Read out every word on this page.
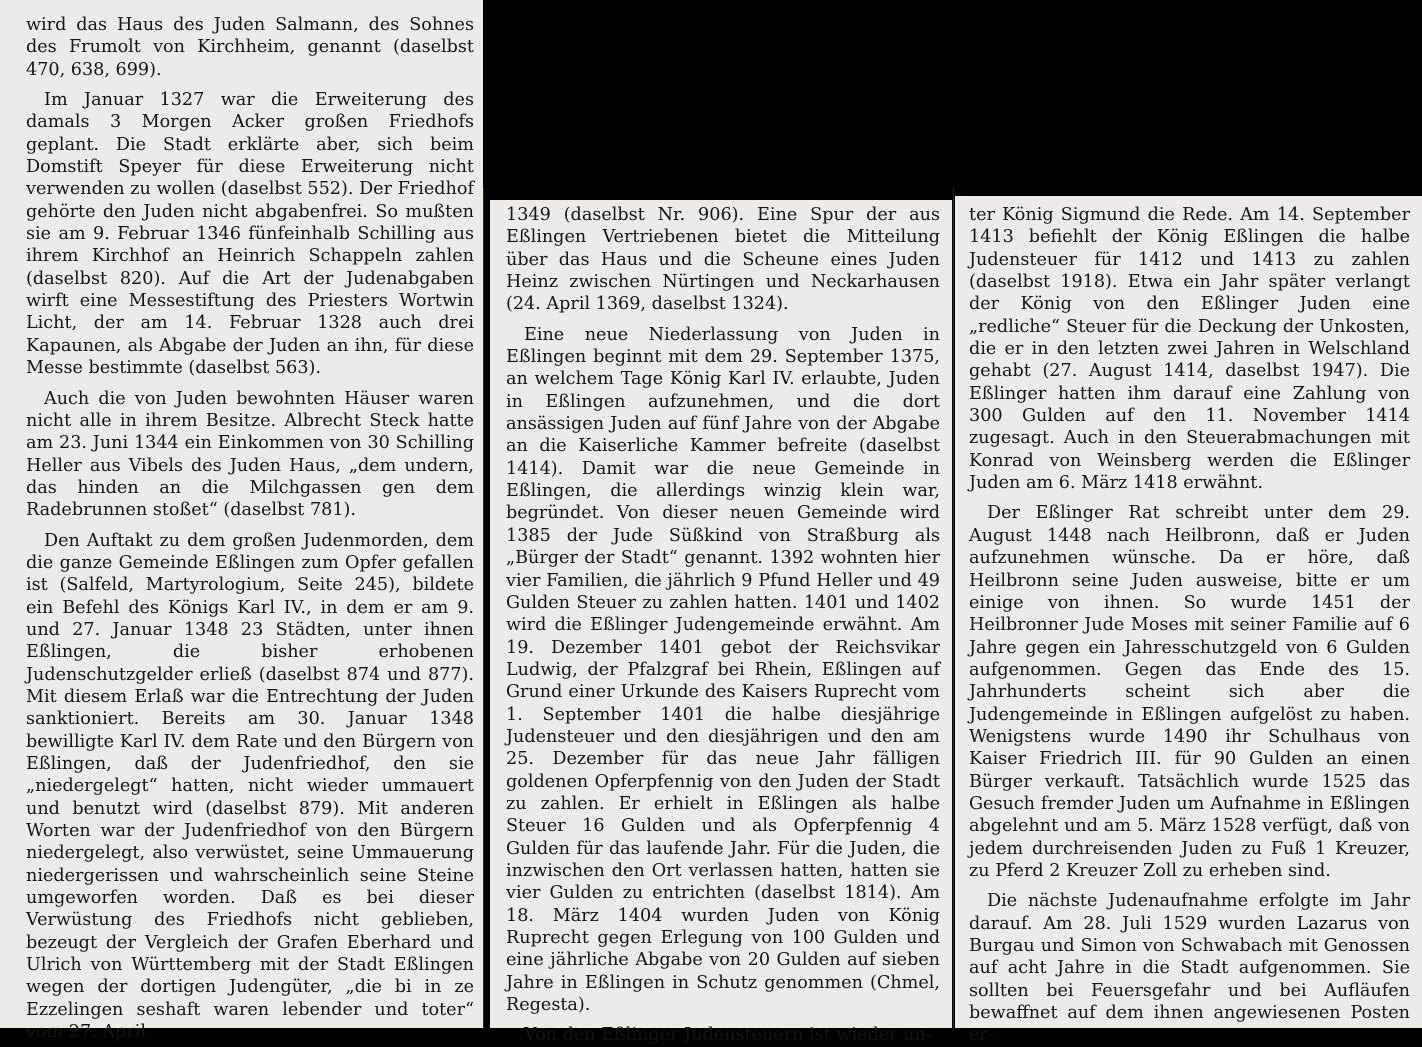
wird das Haus des Juden Salmann, des Sohnes des Frumolt von Kirchheim, genannt (daselbst 470, 638, 699).

Im Januar 1327 war die Erweiterung des damals 3 Morgen Acker großen Friedhofs geplant. Die Stadt erklärte aber, sich beim Domstift Speyer für diese Erweiterung nicht verwenden zu wollen (daselbst 552). Der Friedhof gehörte den Juden nicht abgabenfrei. So mußten sie am 9. Februar 1346 fünfeinhalb Schilling aus ihrem Kirchhof an Heinrich Schappeln zahlen (daselbst 820). Auf die Art der Judenabgaben wirft eine Messestiftung des Priesters Wortwin Licht, der am 14. Februar 1328 auch drei Kapaunen, als Abgabe der Juden an ihn, für diese Messe bestimmte (daselbst 563).

Auch die von Juden bewohnten Häuser waren nicht alle in ihrem Besitze. Albrecht Steck hatte am 23. Juni 1344 ein Einkommen von 30 Schilling Heller aus Vibels des Juden Haus, „dem undern, das hinden an die Milchgassen gen dem Radebrunnen stoßet“ (daselbst 781).

Den Auftakt zu dem großen Judenmorden, dem die ganze Gemeinde Eßlingen zum Opfer gefallen ist (Salfeld, Martyrologium, Seite 245), bildete ein Befehl des Königs Karl IV., in dem er am 9. und 27. Januar 1348 23 Städten, unter ihnen Eßlingen, die bisher erhobenen Judenschutzgelder erließ (daselbst 874 und 877). Mit diesem Erlaß war die Entrechtung der Juden sanktioniert. Bereits am 30. Januar 1348 bewilligte Karl IV. dem Rate und den Bürgern von Eßlingen, daß der Judenfriedhof, den sie „niedergelegt“ hatten, nicht wieder ummauert und benutzt wird (daselbst 879). Mit anderen Worten war der Judenfriedhof von den Bürgern niedergelegt, also verwüstet, seine Ummauerung niedergerissen und wahrscheinlich seine Steine umgeworfen worden. Daß es bei dieser Verwüstung des Friedhofs nicht geblieben, bezeugt der Vergleich der Grafen Eberhard und Ulrich von Württemberg mit der Stadt Eßlingen wegen der dortigen Judengüter, „die bi in ze Ezzelingen seshaft waren lebender und toter“ vom 27. April

1349 (daselbst Nr. 906). Eine Spur der aus Eßlingen Vertriebenen bietet die Mitteilung über das Haus und die Scheune eines Juden Heinz zwischen Nürtingen und Neckarhausen (24. April 1369, daselbst 1324).

Eine neue Niederlassung von Juden in Eßlingen beginnt mit dem 29. September 1375, an welchem Tage König Karl IV. erlaubte, Juden in Eßlingen aufzunehmen, und die dort ansässigen Juden auf fünf Jahre von der Abgabe an die Kaiserliche Kammer befreite (daselbst 1414). Damit war die neue Gemeinde in Eßlingen, die allerdings winzig klein war, begründet. Von dieser neuen Gemeinde wird 1385 der Jude Süßkind von Straßburg als „Bürger der Stadt“ genannt. 1392 wohnten hier vier Familien, die jährlich 9 Pfund Heller und 49 Gulden Steuer zu zahlen hatten. 1401 und 1402 wird die Eßlinger Judengemeinde erwähnt. Am 19. Dezember 1401 gebot der Reichsvikar Ludwig, der Pfalzgraf bei Rhein, Eßlingen auf Grund einer Urkunde des Kaisers Ruprecht vom 1. September 1401 die halbe diesjährige Judensteuer und den diesjährigen und den am 25. Dezember für das neue Jahr fälligen goldenen Opferpfennig von den Juden der Stadt zu zahlen. Er erhielt in Eßlingen als halbe Steuer 16 Gulden und als Opferpfennig 4 Gulden für das laufende Jahr. Für die Juden, die inzwischen den Ort verlassen hatten, hatten sie vier Gulden zu entrichten (daselbst 1814). Am 18. März 1404 wurden Juden von König Ruprecht gegen Erlegung von 100 Gulden und eine jährliche Abgabe von 20 Gulden auf sieben Jahre in Eßlingen in Schutz genommen (Chmel, Regesta).

Von den Eßlinger Judensteuern ist wieder un-

ter König Sigmund die Rede. Am 14. September 1413 befiehlt der König Eßlingen die halbe Judensteuer für 1412 und 1413 zu zahlen (daselbst 1918). Etwa ein Jahr später verlangt der König von den Eßlinger Juden eine „redliche“ Steuer für die Deckung der Unkosten, die er in den letzten zwei Jahren in Welschland gehabt (27. August 1414, daselbst 1947). Die Eßlinger hatten ihm darauf eine Zahlung von 300 Gulden auf den 11. November 1414 zugesagt. Auch in den Steuerabmachungen mit Konrad von Weinsberg werden die Eßlinger Juden am 6. März 1418 erwähnt.

Der Eßlinger Rat schreibt unter dem 29. August 1448 nach Heilbronn, daß er Juden aufzunehmen wünsche. Da er höre, daß Heilbronn seine Juden ausweise, bitte er um einige von ihnen. So wurde 1451 der Heilbronner Jude Moses mit seiner Familie auf 6 Jahre gegen ein Jahresschutzgeld von 6 Gulden aufgenommen. Gegen das Ende des 15. Jahrhunderts scheint sich aber die Judengemeinde in Eßlingen aufgelöst zu haben. Wenigstens wurde 1490 ihr Schulhaus von Kaiser Friedrich III. für 90 Gulden an einen Bürger verkauft. Tatsächlich wurde 1525 das Gesuch fremder Juden um Aufnahme in Eßlingen abgelehnt und am 5. März 1528 verfügt, daß von jedem durchreisenden Juden zu Fuß 1 Kreuzer, zu Pferd 2 Kreuzer Zoll zu erheben sind.

Die nächste Judenaufnahme erfolgte im Jahr darauf. Am 28. Juli 1529 wurden Lazarus von Burgau und Simon von Schwabach mit Genossen auf acht Jahre in die Stadt aufgenommen. Sie sollten bei Feuersgefahr und bei Aufläufen bewaffnet auf dem ihnen angewiesenen Posten er-
